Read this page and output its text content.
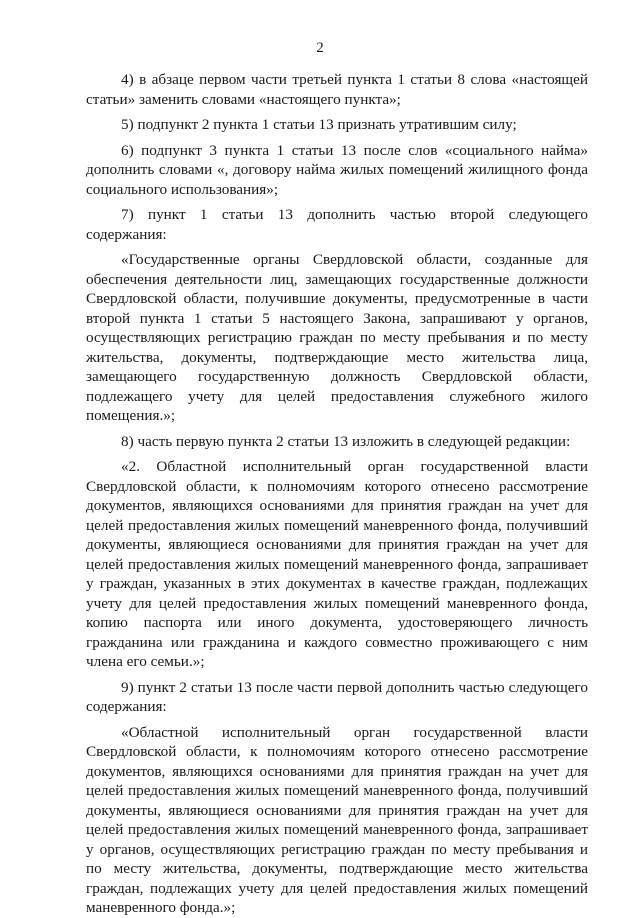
2

4) в абзаце первом части третьей пункта 1 статьи 8 слова «настоящей статьи» заменить словами «настоящего пункта»;

5) подпункт 2 пункта 1 статьи 13 признать утратившим силу;

6) подпункт 3 пункта 1 статьи 13 после слов «социального найма» дополнить словами «, договору найма жилых помещений жилищного фонда социального использования»;

7) пункт 1 статьи 13 дополнить частью второй следующего содержания:

«Государственные органы Свердловской области, созданные для обеспечения деятельности лиц, замещающих государственные должности Свердловской области, получившие документы, предусмотренные в части второй пункта 1 статьи 5 настоящего Закона, запрашивают у органов, осуществляющих регистрацию граждан по месту пребывания и по месту жительства, документы, подтверждающие место жительства лица, замещающего государственную должность Свердловской области, подлежащего учету для целей предоставления служебного жилого помещения.»;

8) часть первую пункта 2 статьи 13 изложить в следующей редакции:

«2. Областной исполнительный орган государственной власти Свердловской области, к полномочиям которого отнесено рассмотрение документов, являющихся основаниями для принятия граждан на учет для целей предоставления жилых помещений маневренного фонда, получивший документы, являющиеся основаниями для принятия граждан на учет для целей предоставления жилых помещений маневренного фонда, запрашивает у граждан, указанных в этих документах в качестве граждан, подлежащих учету для целей предоставления жилых помещений маневренного фонда, копию паспорта или иного документа, удостоверяющего личность гражданина или гражданина и каждого совместно проживающего с ним члена его семьи.»;

9) пункт 2 статьи 13 после части первой дополнить частью следующего содержания:

«Областной исполнительный орган государственной власти Свердловской области, к полномочиям которого отнесено рассмотрение документов, являющихся основаниями для принятия граждан на учет для целей предоставления жилых помещений маневренного фонда, получивший документы, являющиеся основаниями для принятия граждан на учет для целей предоставления жилых помещений маневренного фонда, запрашивает у органов, осуществляющих регистрацию граждан по месту пребывания и по месту жительства, документы, подтверждающие место жительства граждан, подлежащих учету для целей предоставления жилых помещений маневренного фонда.»;
